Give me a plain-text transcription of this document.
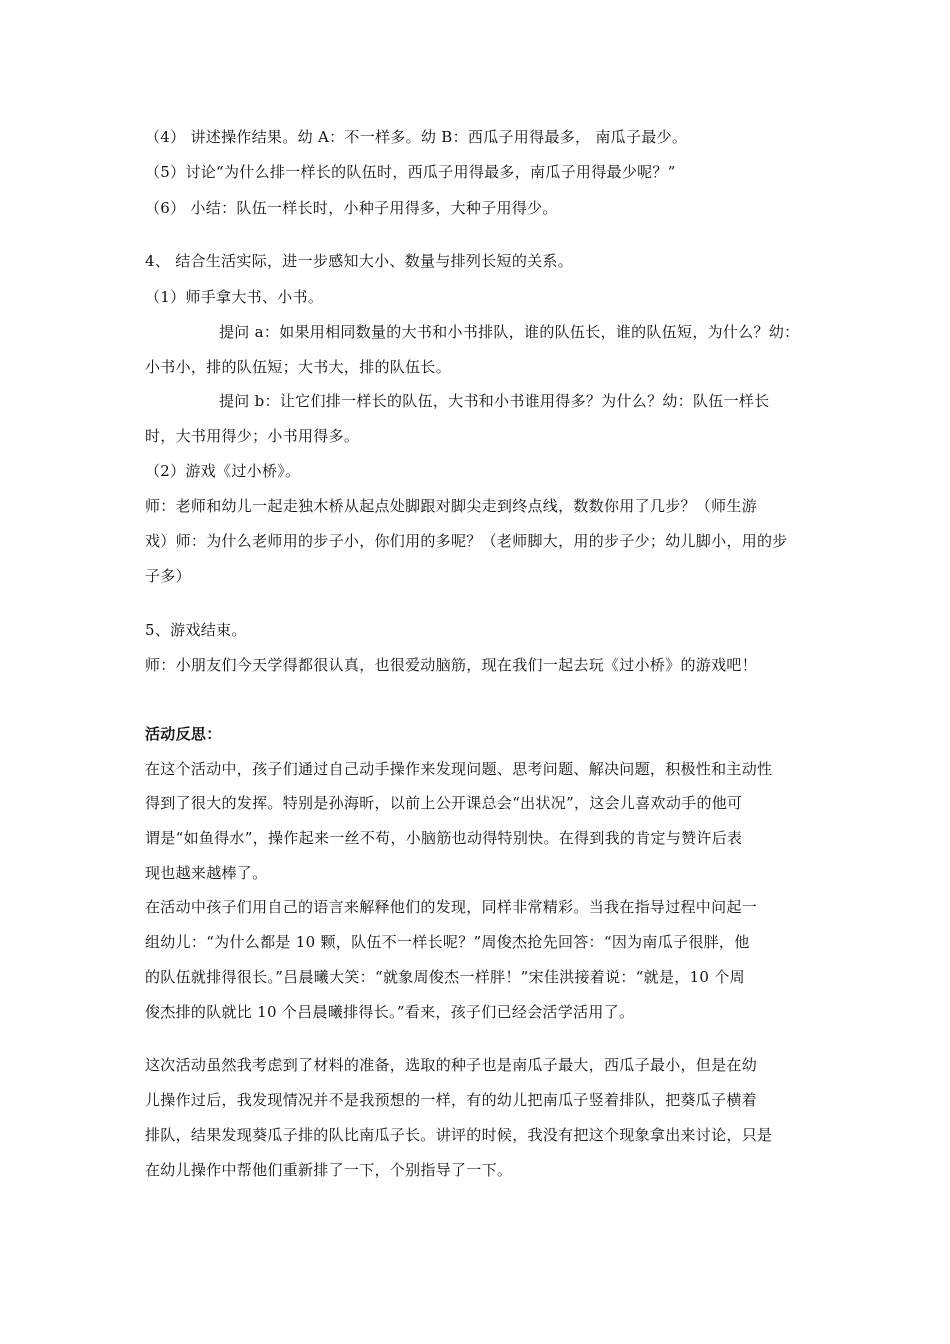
（4） 讲述操作结果。幼 A：不一样多。幼 B：西瓜子用得最多， 南瓜子最少。
（5）讨论“为什么排一样长的队伍时，西瓜子用得最多，南瓜子用得最少呢？”
（6） 小结：队伍一样长时，小种子用得多，大种子用得少。
4、 结合生活实际，进一步感知大小、数量与排列长短的关系。
（1）师手拿大书、小书。
提问 a：如果用相同数量的大书和小书排队，谁的队伍长，谁的队伍短，为什么？幼：
小书小，排的队伍短；大书大，排的队伍长。
提问 b：让它们排一样长的队伍，大书和小书谁用得多？为什么？幼：队伍一样长
时，大书用得少；小书用得多。
（2）游戏《过小桥》。
师：老师和幼儿一起走独木桥从起点处脚跟对脚尖走到终点线，数数你用了几步？（师生游
戏）师：为什么老师用的步子小，你们用的多呢？（老师脚大，用的步子少；幼儿脚小，用的步
子多）
5、游戏结束。
师：小朋友们今天学得都很认真，也很爱动脑筋，现在我们一起去玩《过小桥》的游戏吧！
活动反思：
在这个活动中，孩子们通过自己动手操作来发现问题、思考问题、解决问题，积极性和主动性
得到了很大的发挥。特别是孙海昕，以前上公开课总会“出状况”，这会儿喜欢动手的他可
谓是“如鱼得水”，操作起来一丝不苟，小脑筋也动得特别快。在得到我的肯定与赞许后表
现也越来越棒了。
在活动中孩子们用自己的语言来解释他们的发现，同样非常精彩。当我在指导过程中问起一
组幼儿：“为什么都是 10 颗，队伍不一样长呢？”周俊杰抢先回答：“因为南瓜子很胖，他
的队伍就排得很长。”吕晨曦大笑：“就象周俊杰一样胖！”宋佳洪接着说：“就是，10 个周
俊杰排的队就比 10 个吕晨曦排得长。”看来，孩子们已经会活学活用了。
这次活动虽然我考虑到了材料的准备，选取的种子也是南瓜子最大，西瓜子最小，但是在幼
儿操作过后，我发现情况并不是我预想的一样，有的幼儿把南瓜子竖着排队，把葵瓜子横着
排队，结果发现葵瓜子排的队比南瓜子长。讲评的时候，我没有把这个现象拿出来讨论，只是
在幼儿操作中帮他们重新排了一下，个别指导了一下。
